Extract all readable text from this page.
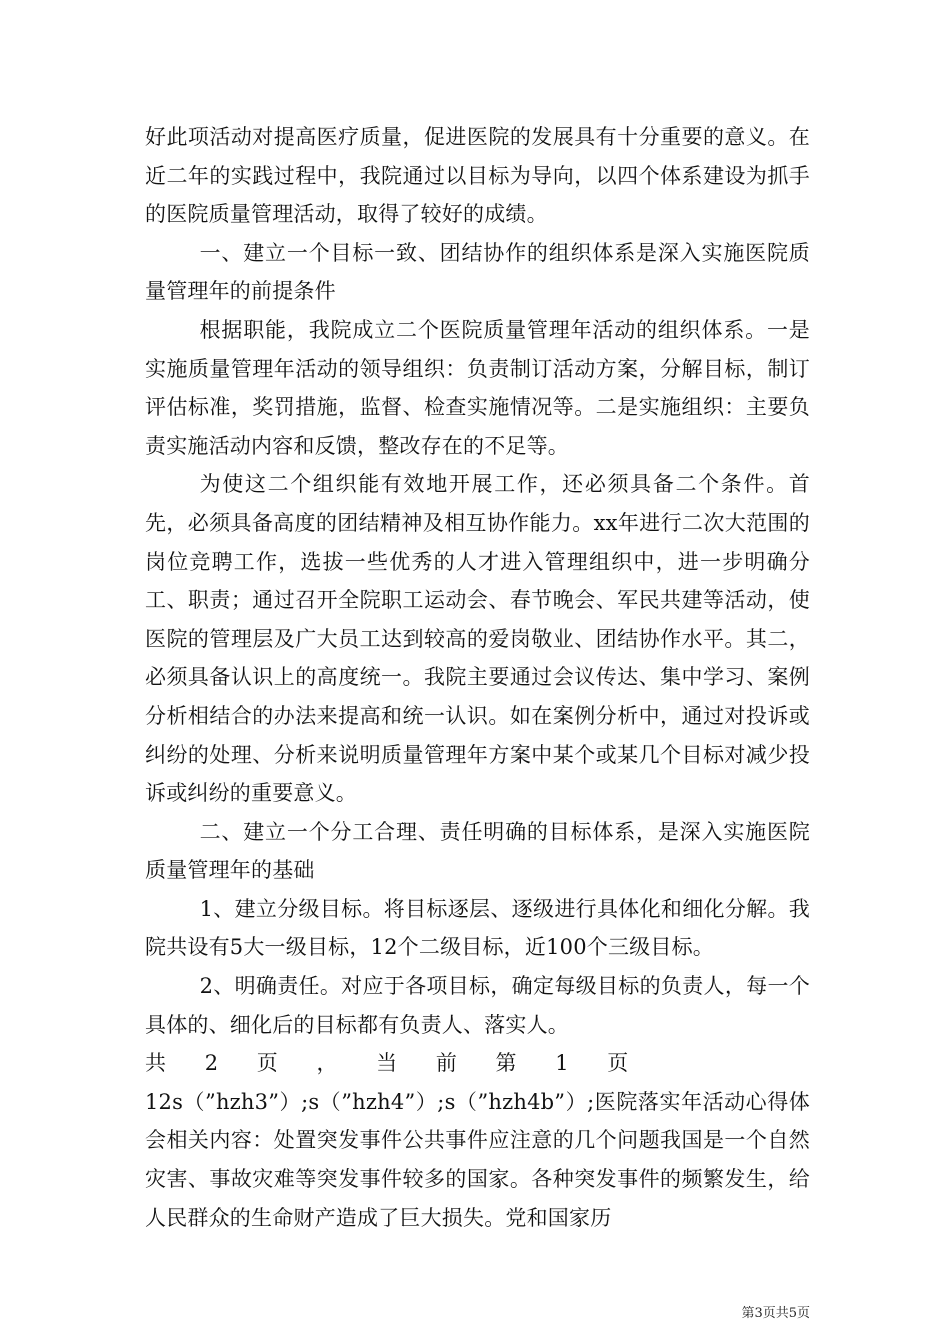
好此项活动对提高医疗质量，促进医院的发展具有十分重要的意义。在近二年的实践过程中，我院通过以目标为导向，以四个体系建设为抓手的医院质量管理活动，取得了较好的成绩。

一、建立一个目标一致、团结协作的组织体系是深入实施医院质量管理年的前提条件

根据职能，我院成立二个医院质量管理年活动的组织体系。一是实施质量管理年活动的领导组织：负责制订活动方案，分解目标，制订评估标准，奖罚措施，监督、检查实施情况等。二是实施组织：主要负责实施活动内容和反馈，整改存在的不足等。

为使这二个组织能有效地开展工作，还必须具备二个条件。首先，必须具备高度的团结精神及相互协作能力。xx年进行二次大范围的岗位竞聘工作，选拔一些优秀的人才进入管理组织中，进一步明确分工、职责；通过召开全院职工运动会、春节晚会、军民共建等活动，使医院的管理层及广大员工达到较高的爱岗敬业、团结协作水平。其二，必须具备认识上的高度统一。我院主要通过会议传达、集中学习、案例分析相结合的办法来提高和统一认识。如在案例分析中，通过对投诉或纠纷的处理、分析来说明质量管理年方案中某个或某几个目标对减少投诉或纠纷的重要意义。

二、建立一个分工合理、责任明确的目标体系，是深入实施医院质量管理年的基础

1、建立分级目标。将目标逐层、逐级进行具体化和细化分解。我院共设有5大一级目标，12个二级目标，近100个三级目标。

2、明确责任。对应于各项目标，确定每级目标的负责人，每一个具体的、细化后的目标都有负责人、落实人。

共 2 页 ， 当 前 第 1 页

12s（”hzh3”）;s（”hzh4”）;s（”hzh4b”）;医院落实年活动心得体会相关内容：处置突发事件公共事件应注意的几个问题我国是一个自然灾害、事故灾难等突发事件较多的国家。各种突发事件的频繁发生，给人民群众的生命财产造成了巨大损失。党和国家历

第3页共5页
